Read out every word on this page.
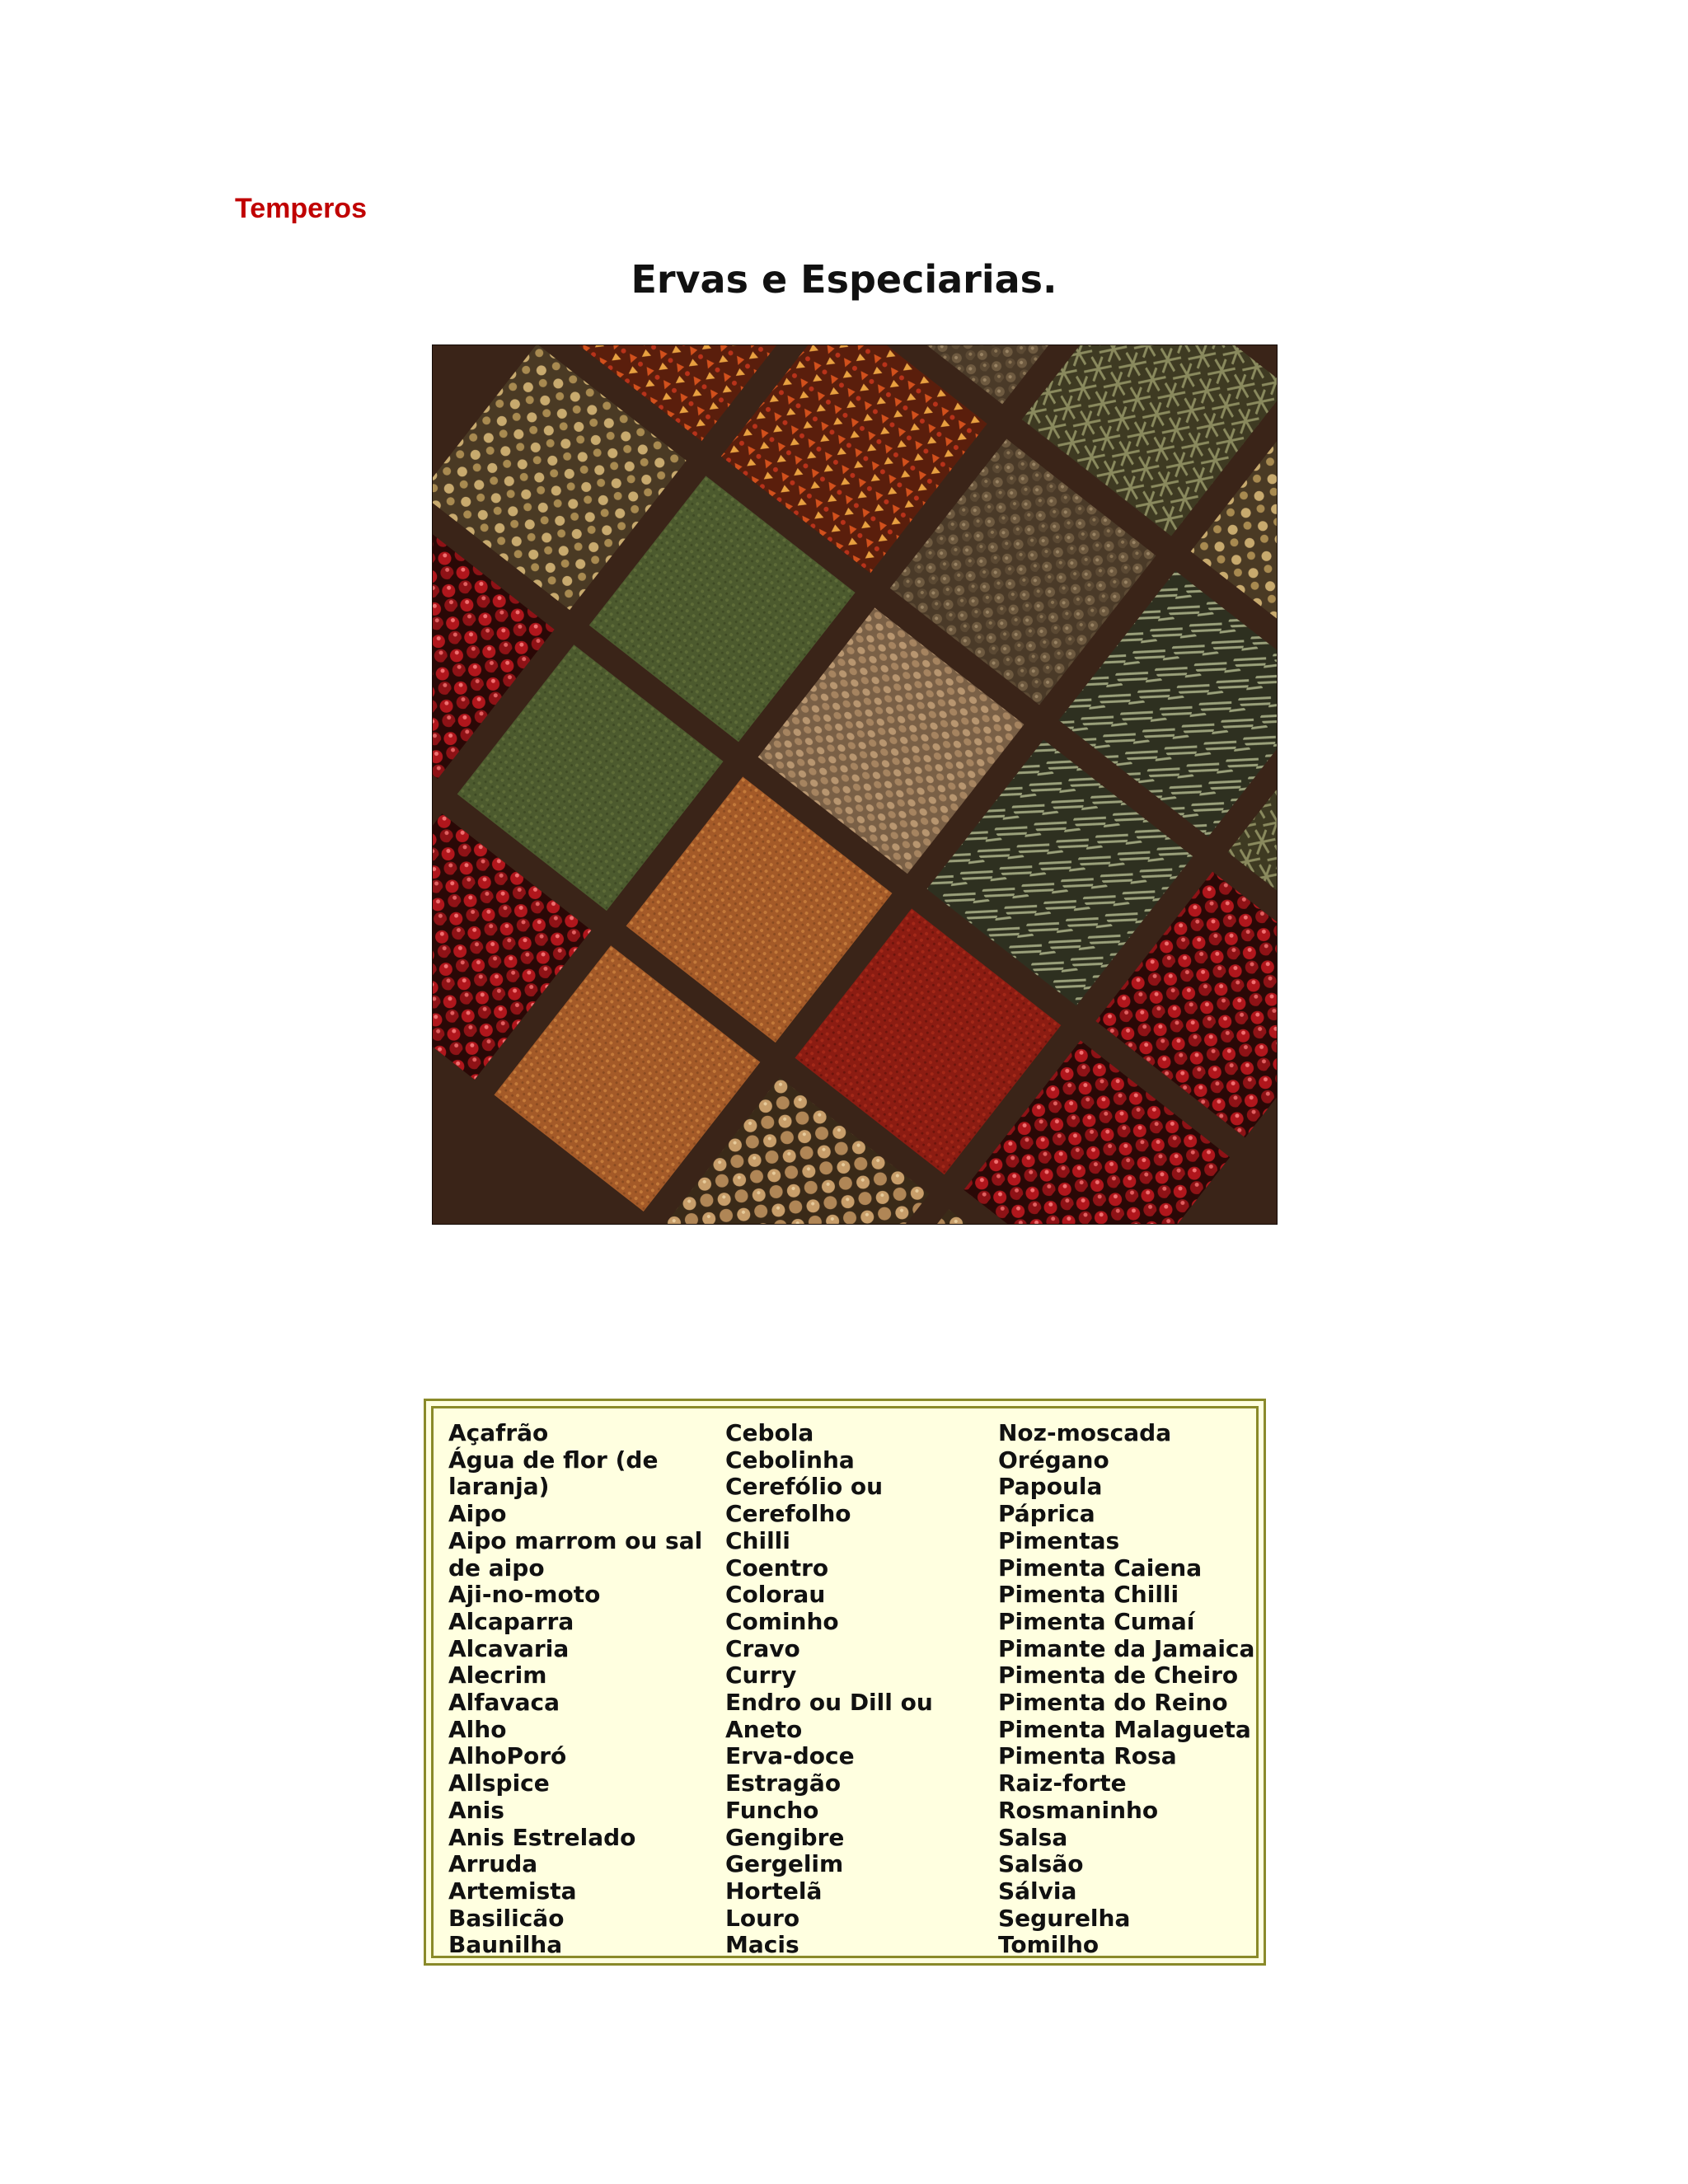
Temperos
Ervas e Especiarias.
Açafrão
Água de flor (de
laranja)
Aipo
Aipo marrom ou sal
de aipo
Aji-no-moto
Alcaparra
Alcavaria
Alecrim
Alfavaca
Alho
AlhoPoró
Allspice
Anis
Anis Estrelado
Arruda
Artemista
Basilicão
Baunilha
Cebola
Cebolinha
Cerefólio ou
Cerefolho
Chilli
Coentro
Colorau
Cominho
Cravo
Curry
Endro ou Dill ou
Aneto
Erva-doce
Estragão
Funcho
Gengibre
Gergelim
Hortelã
Louro
Macis
Noz-moscada
Orégano
Papoula
Páprica
Pimentas
Pimenta Caiena
Pimenta Chilli
Pimenta Cumaí
Pimante da Jamaica
Pimenta de Cheiro
Pimenta do Reino
Pimenta Malagueta
Pimenta Rosa
Raiz-forte
Rosmaninho
Salsa
Salsão
Sálvia
Segurelha
Tomilho
